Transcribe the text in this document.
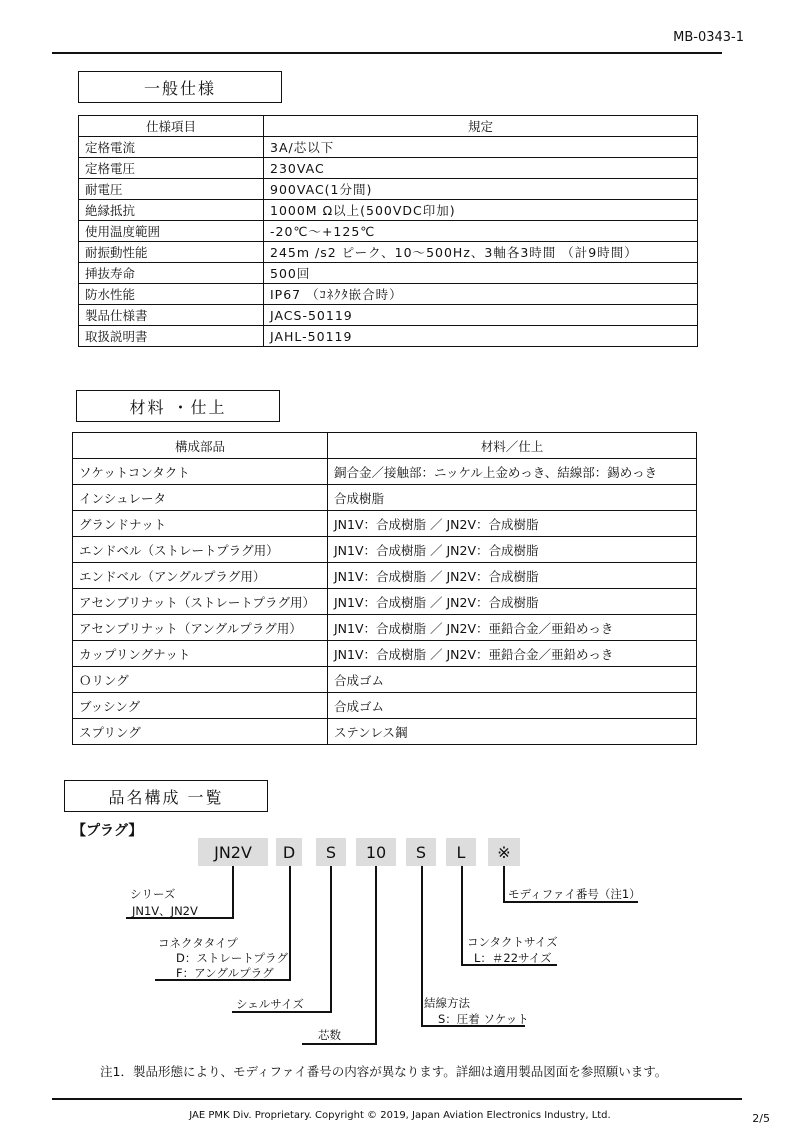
MB-0343-1
一般仕様
仕様項目	規定
定格電流	3A/芯以下
定格電圧	230VAC
耐電圧	900VAC(1分間)
絶縁抵抗	1000M Ω以上(500VDC印加)
使用温度範囲	-20℃～+125℃
耐振動性能	245m /s2 ピーク、10～500Hz、3軸各3時間 （計9時間）
挿抜寿命	500回
防水性能	IP67 （ｺﾈｸﾀ嵌合時）
製品仕様書	JACS-50119
取扱説明書	JAHL-50119
材料 ・仕上
構成部品	材料／仕上
ソケットコンタクト	銅合金／接触部：ニッケル上金めっき、結線部：錫めっき
インシュレータ	合成樹脂
グランドナット	JN1V：合成樹脂 ／ JN2V：合成樹脂
エンドベル（ストレートプラグ用）	JN1V：合成樹脂 ／ JN2V：合成樹脂
エンドベル（アングルプラグ用）	JN1V：合成樹脂 ／ JN2V：合成樹脂
アセンブリナット（ストレートプラグ用）	JN1V：合成樹脂 ／ JN2V：合成樹脂
アセンブリナット（アングルプラグ用）	JN1V：合成樹脂 ／ JN2V：亜鉛合金／亜鉛めっき
カップリングナット	JN1V：合成樹脂 ／ JN2V：亜鉛合金／亜鉛めっき
Ｏリング	合成ゴム
ブッシング	合成ゴム
スプリング	ステンレス鋼
品名構成 一覧
【プラグ】
JN2V	D	S	10	S	L	※
シリーズ
JN1V、JN2V
コネクタタイプ
D：ストレートプラグ
F：アングルプラグ
シェルサイズ
芯数
結線方法
S：圧着 ソケット
コンタクトサイズ
L：＃22サイズ
モディファイ番号（注1）
注1．製品形態により、モディファイ番号の内容が異なります。詳細は適用製品図面を参照願います。
JAE PMK Div. Proprietary. Copyright © 2019, Japan Aviation Electronics Industry, Ltd.	2/5
